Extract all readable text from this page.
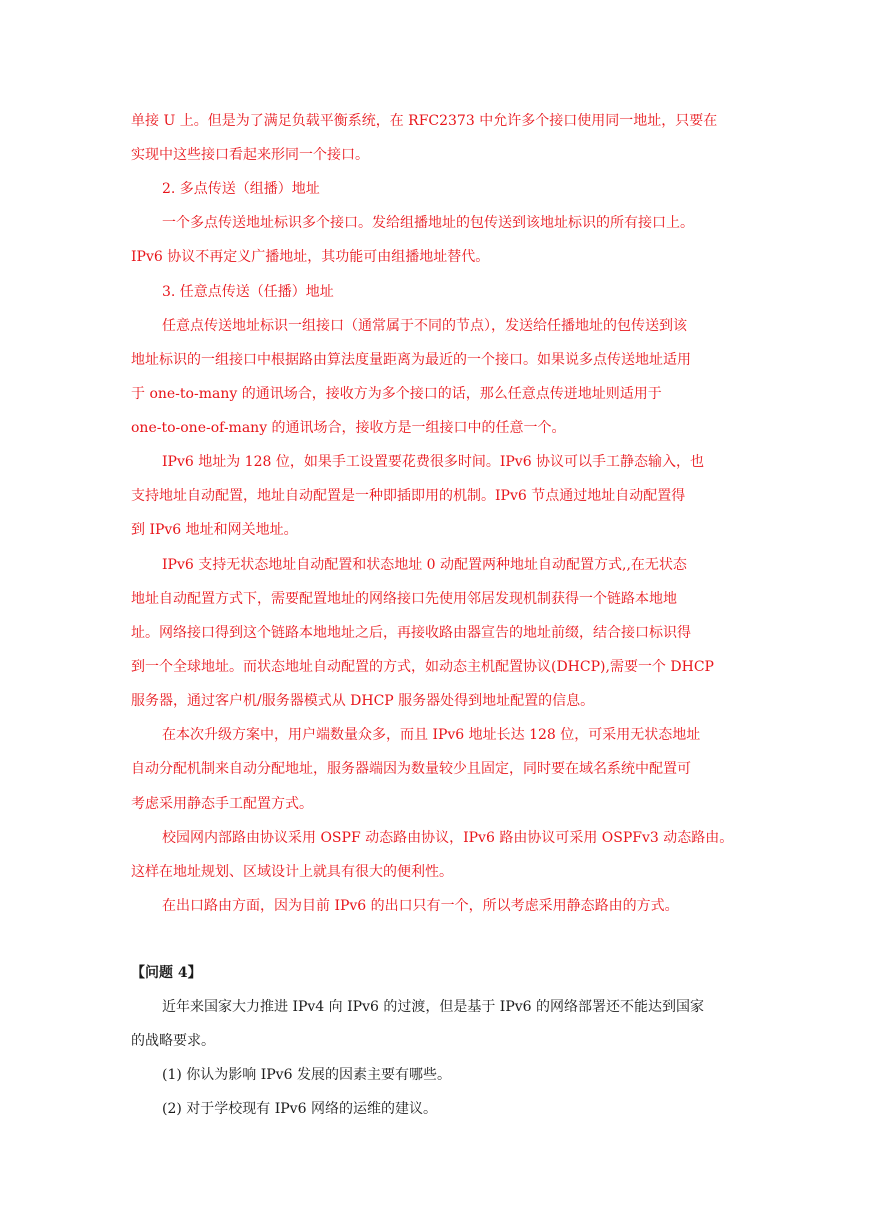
单接 U 上。但是为了满足负载平衡系统，在 RFC2373 中允许多个接口使用同一地址，只要在
实现中这些接口看起来形同一个接口。
2. 多点传送（组播）地址
一个多点传送地址标识多个接口。发给组播地址的包传送到该地址标识的所有接口上。
IPv6 协议不再定义广播地址，其功能可由组播地址替代。
3. 任意点传送（任播）地址
任意点传送地址标识一组接口（通常属于不同的节点），发送给任播地址的包传送到该
地址标识的一组接口中根据路由算法度量距离为最近的一个接口。如果说多点传送地址适用
于 one-to-many 的通讯场合，接收方为多个接口的话，那么任意点传迸地址则适用于
one-to-one-of-many 的通讯场合，接收方是一组接口中的任意一个。
IPv6 地址为 128 位，如果手工设置要花费很多时间。IPv6 协议可以手工静态输入，也
支持地址自动配置，地址自动配置是一种即插即用的机制。IPv6 节点通过地址自动配置得
到 IPv6 地址和网关地址。
IPv6 支持无状态地址自动配置和状态地址 0 动配置两种地址自动配置方式,,在无状态
地址自动配置方式下，需要配置地址的网络接口先使用邻居发现机制获得一个链路本地地
址。网络接口得到这个链路本地地址之后，再接收路由器宣告的地址前缀，结合接口标识得
到一个全球地址。而状态地址自动配置的方式，如动态主机配置协议(DHCP),需要一个 DHCP
服务器，通过客户机/服务器模式从 DHCP 服务器处得到地址配置的信息。
在本次升级方案中，用户端数量众多，而且 IPv6 地址长达 128 位，可采用无状态地址
自动分配机制来自动分配地址，服务器端因为数量较少且固定，同时要在域名系统中配置可
考虑采用静态手工配置方式。
校园网内部路由协议采用 OSPF 动态路由协议，IPv6 路由协议可采用 OSPFv3 动态路由。
这样在地址规划、区域设计上就具有很大的便利性。
在出口路由方面，因为目前 IPv6 的出口只有一个，所以考虑采用静态路由的方式。
【问题 4】
近年来国家大力推进 IPv4 向 IPv6 的过渡，但是基于 IPv6 的网络部署还不能达到国家
的战略要求。
(1) 你认为影响 IPv6 发展的因素主要有哪些。
(2) 对于学校现有 IPv6 网络的运维的建议。
